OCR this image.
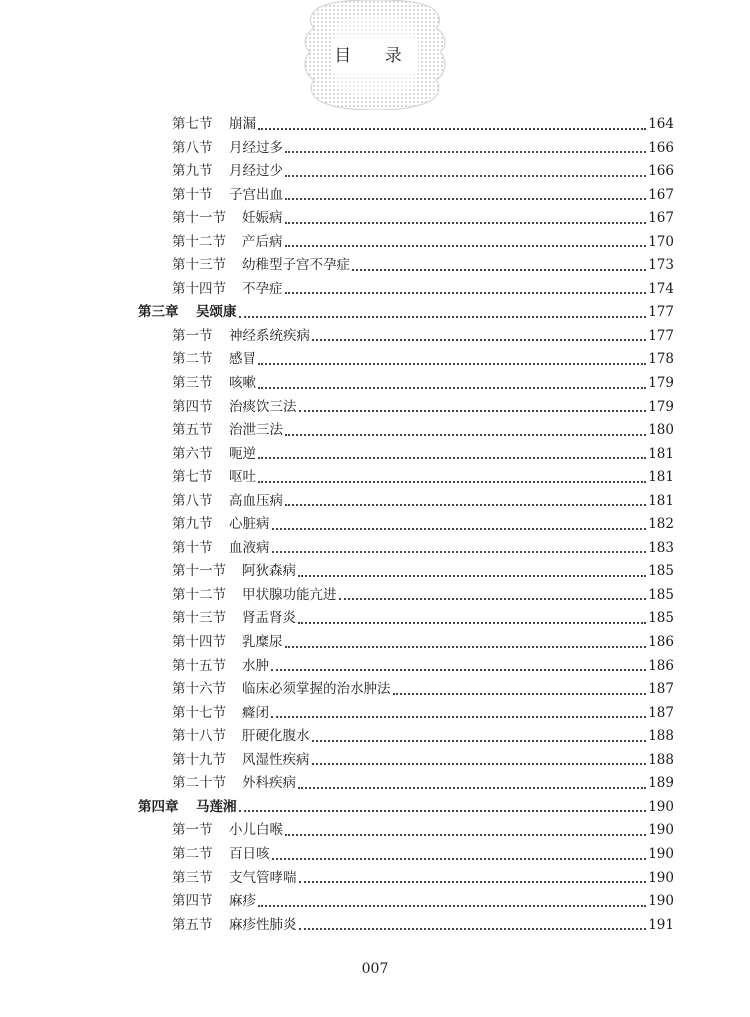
目 录
第七节	崩漏	164
第八节	月经过多	166
第九节	月经过少	166
第十节	子宫出血	167
第十一节	妊娠病	167
第十二节	产后病	170
第十三节	幼稚型子宫不孕症	173
第十四节	不孕症	174
第三章	吴颂康	177
第一节	神经系统疾病	177
第二节	感冒	178
第三节	咳嗽	179
第四节	治痰饮三法	179
第五节	治泄三法	180
第六节	呃逆	181
第七节	呕吐	181
第八节	高血压病	181
第九节	心脏病	182
第十节	血液病	183
第十一节	阿狄森病	185
第十二节	甲状腺功能亢进	185
第十三节	肾盂肾炎	185
第十四节	乳糜尿	186
第十五节	水肿	186
第十六节	临床必须掌握的治水肿法	187
第十七节	癃闭	187
第十八节	肝硬化腹水	188
第十九节	风湿性疾病	188
第二十节	外科疾病	189
第四章	马莲湘	190
第一节	小儿白喉	190
第二节	百日咳	190
第三节	支气管哮喘	190
第四节	麻疹	190
第五节	麻疹性肺炎	191
007
